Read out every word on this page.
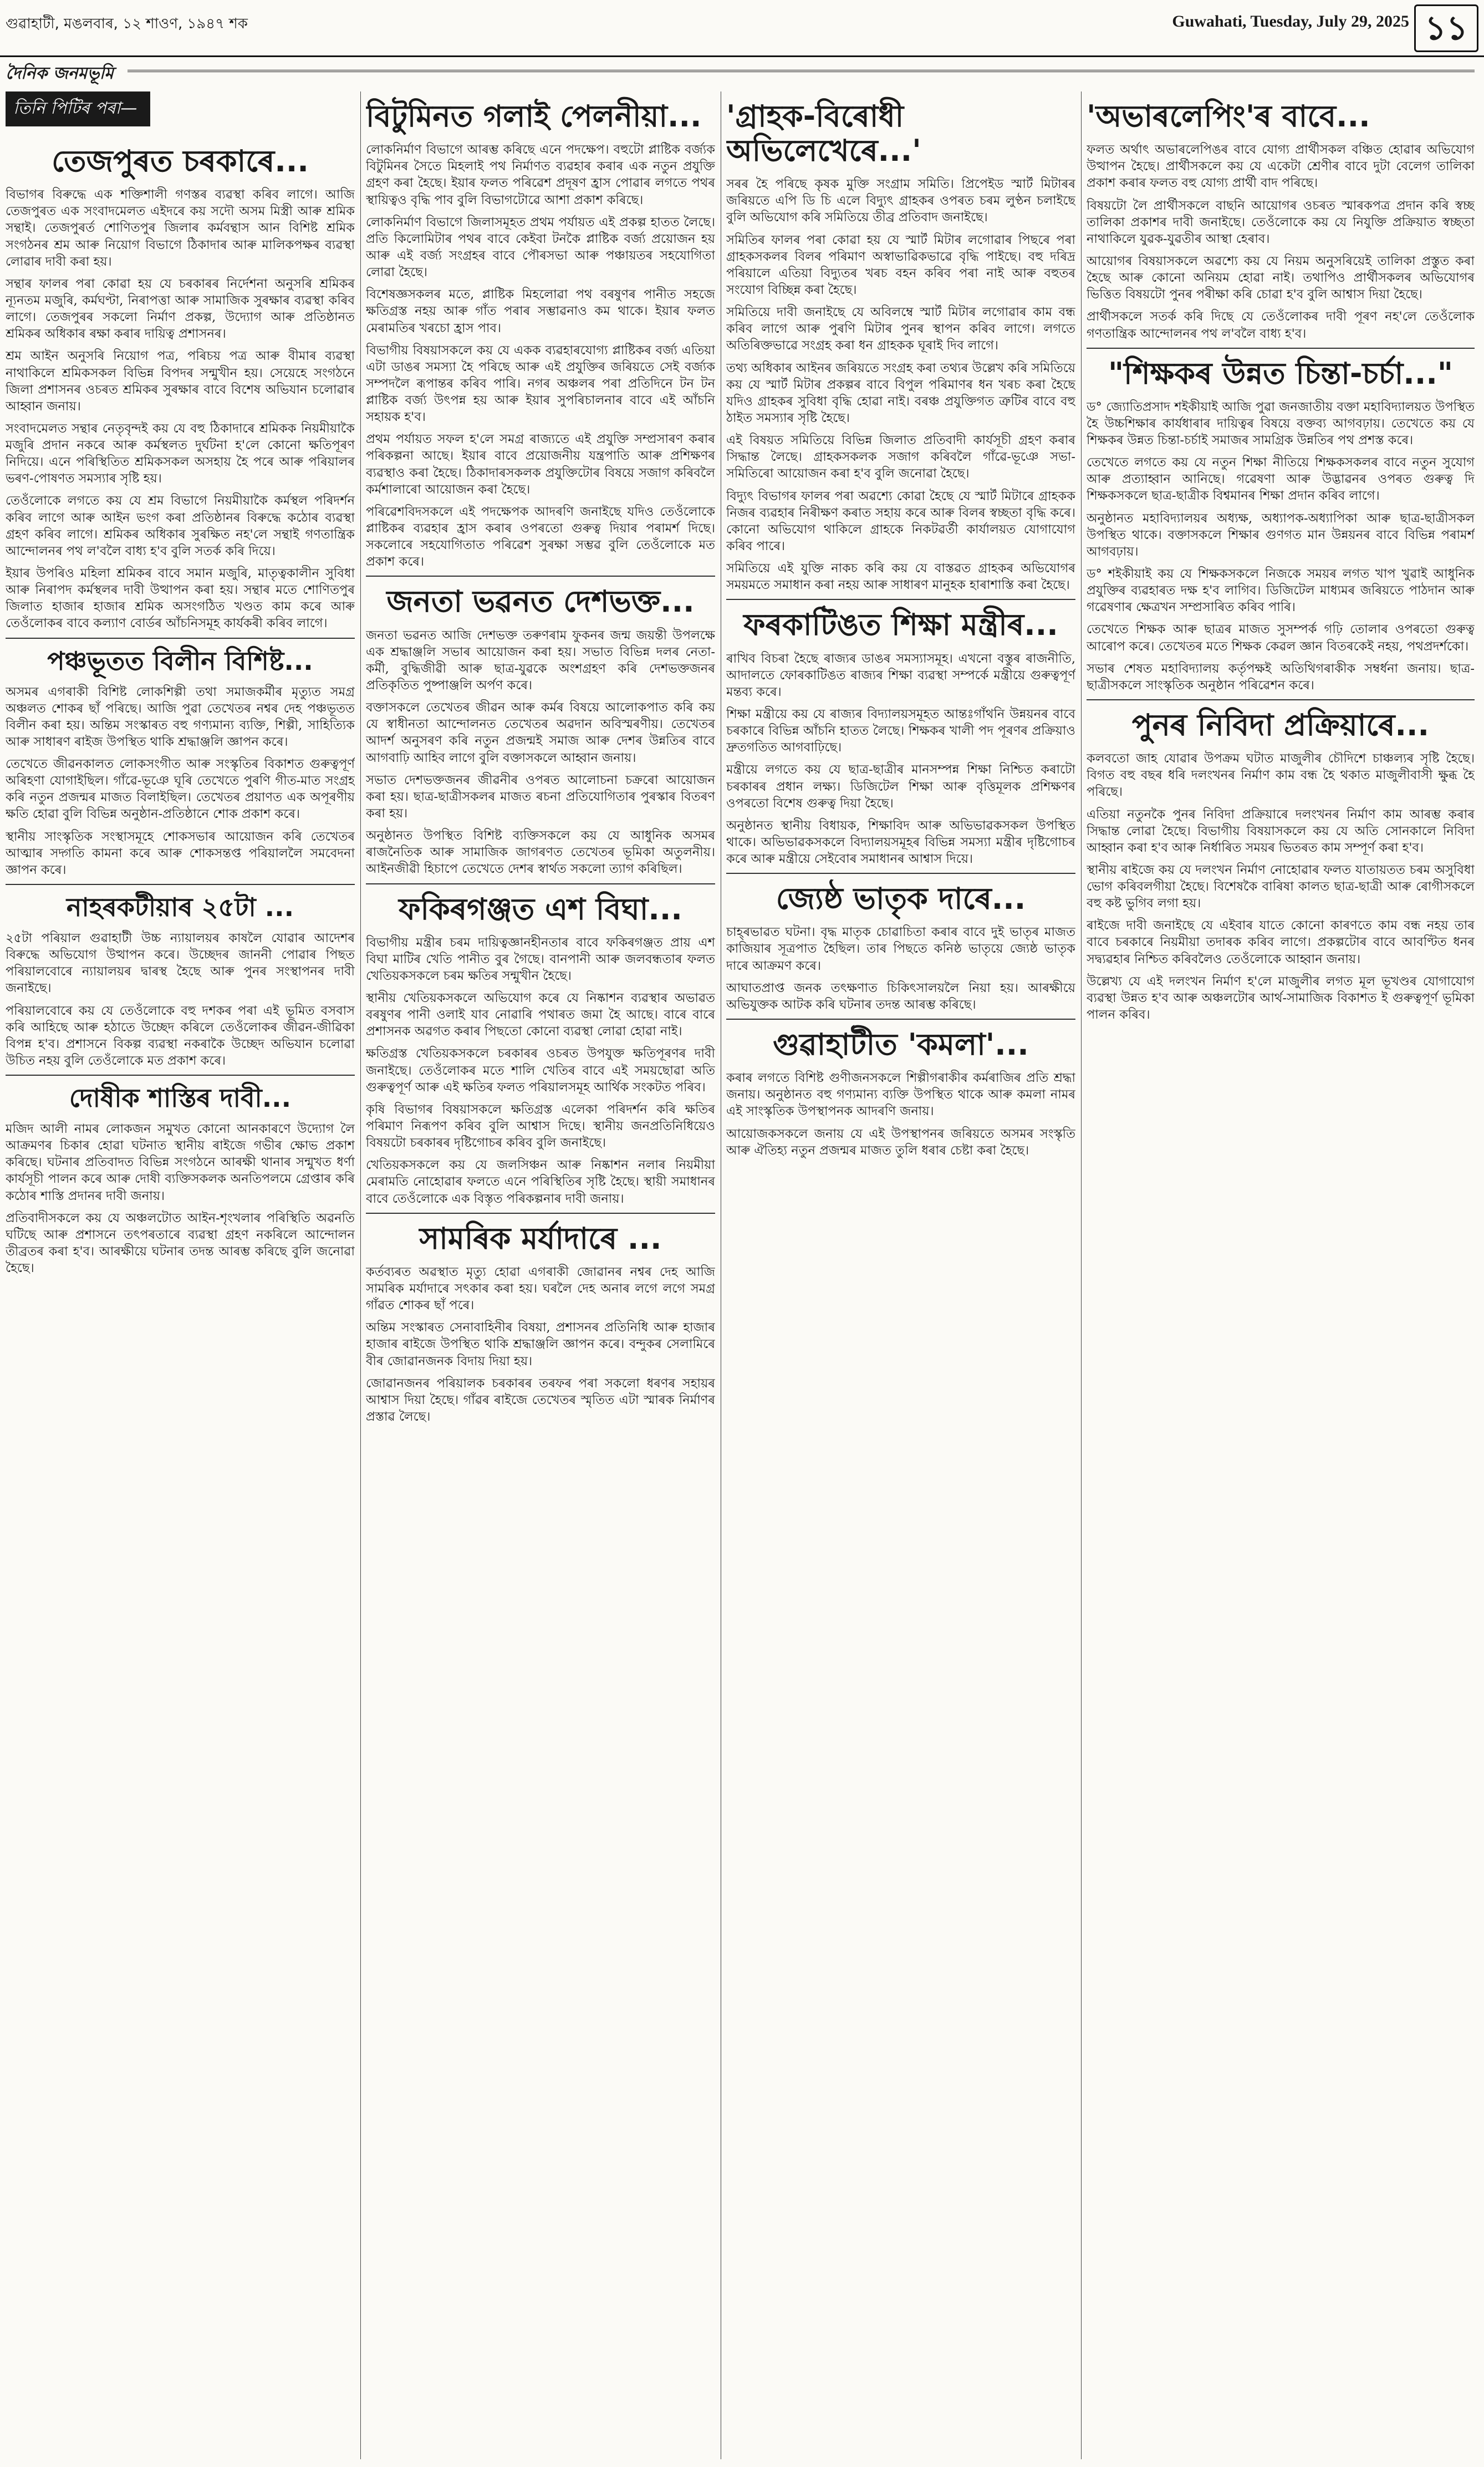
গুৱাহাটী, মঙলবাৰ, ১২ শাওণ, ১৯৪৭ শক	Guwahati, Tuesday, July 29, 2025 ১১
দৈনিক জনমভূমি
তিনি পিটিৰ পৰা—
তেজপুৰত চৰকাৰে...

বিভাগৰ বিৰুদ্ধে এক শক্তিশালী গণস্তৰ ব্যৱস্থা কৰিব লাগে। আজি তেজপুৰত এক সংবাদমেলত এইদৰে কয় সদৌ অসম মিস্ত্ৰী আৰু শ্ৰমিক সন্থাই। তেজপুৰৰ্ত শোণিতপুৰ জিলাৰ কৰ্মবন্থাস আন বিশিষ্ট শ্ৰমিক সংগঠনৰ শ্ৰম আৰু নিয়োগ বিভাগে ঠিকাদাৰ আৰু মালিকপক্ষৰ ব্যৱস্থা লোৱাৰ দাবী কৰা হয়।

সন্থাৰ ফালৰ পৰা কোৱা হয় যে চৰকাৰৰ নিৰ্দেশনা অনুসৰি শ্ৰমিকৰ ন্যূনতম মজুৰি, কৰ্মঘণ্টা, নিৰাপত্তা আৰু সামাজিক সুৰক্ষাৰ ব্যৱস্থা কৰিব লাগে। তেজপুৰৰ সকলো নিৰ্মাণ প্ৰকল্প, উদ্যোগ আৰু প্ৰতিষ্ঠানত শ্ৰমিকৰ অধিকাৰ ৰক্ষা কৰাৰ দায়িত্ব প্ৰশাসনৰ।

শ্ৰম আইন অনুসৰি নিয়োগ পত্ৰ, পৰিচয় পত্ৰ আৰু বীমাৰ ব্যৱস্থা নাথাকিলে শ্ৰমিকসকল বিভিন্ন বিপদৰ সন্মুখীন হয়। সেয়েহে সংগঠনে জিলা প্ৰশাসনৰ ওচৰত শ্ৰমিকৰ সুৰক্ষাৰ বাবে বিশেষ অভিযান চলোৱাৰ আহ্বান জনায়।

সংবাদমেলত সন্থাৰ নেতৃবৃন্দই কয় যে বহু ঠিকাদাৰে শ্ৰমিকক নিয়মীয়াকৈ মজুৰি প্ৰদান নকৰে আৰু কৰ্মস্থলত দুৰ্ঘটনা হ'লে কোনো ক্ষতিপূৰণ নিদিয়ে। এনে পৰিস্থিতিত শ্ৰমিকসকল অসহায় হৈ পৰে আৰু পৰিয়ালৰ ভৰণ-পোষণত সমস্যাৰ সৃষ্টি হয়।

তেওঁলোকে লগতে কয় যে শ্ৰম বিভাগে নিয়মীয়াকৈ কৰ্মস্থল পৰিদৰ্শন কৰিব লাগে আৰু আইন ভংগ কৰা প্ৰতিষ্ঠানৰ বিৰুদ্ধে কঠোৰ ব্যৱস্থা গ্ৰহণ কৰিব লাগে। শ্ৰমিকৰ অধিকাৰ সুৰক্ষিত নহ'লে সন্থাই গণতান্ত্ৰিক আন্দোলনৰ পথ ল'বলৈ বাধ্য হ'ব বুলি সতৰ্ক কৰি দিয়ে।

ইয়াৰ উপৰিও মহিলা শ্ৰমিকৰ বাবে সমান মজুৰি, মাতৃত্বকালীন সুবিধা আৰু নিৰাপদ কৰ্মস্থলৰ দাবী উত্থাপন কৰা হয়। সন্থাৰ মতে শোণিতপুৰ জিলাত হাজাৰ হাজাৰ শ্ৰমিক অসংগঠিত খণ্ডত কাম কৰে আৰু তেওঁলোকৰ বাবে কল্যাণ বোৰ্ডৰ আঁচনিসমূহ কাৰ্যকৰী কৰিব লাগে।

পঞ্চভূতত বিলীন বিশিষ্ট...

অসমৰ এগৰাকী বিশিষ্ট লোকশিল্পী তথা সমাজকৰ্মীৰ মৃত্যুত সমগ্ৰ অঞ্চলত শোকৰ ছাঁ পৰিছে। আজি পুৱা তেখেতৰ নশ্বৰ দেহ পঞ্চভূতত বিলীন কৰা হয়। অন্তিম সংস্কাৰত বহু গণ্যমান্য ব্যক্তি, শিল্পী, সাহিত্যিক আৰু সাধাৰণ ৰাইজ উপস্থিত থাকি শ্ৰদ্ধাঞ্জলি জ্ঞাপন কৰে।

তেখেতে জীৱনকালত লোকসংগীত আৰু সংস্কৃতিৰ বিকাশত গুৰুত্বপূৰ্ণ অৰিহণা যোগাইছিল। গাঁৱে-ভূঞে ঘূৰি তেখেতে পুৰণি গীত-মাত সংগ্ৰহ কৰি নতুন প্ৰজন্মৰ মাজত বিলাইছিল। তেখেতৰ প্ৰয়াণত এক অপূৰণীয় ক্ষতি হোৱা বুলি বিভিন্ন অনুষ্ঠান-প্ৰতিষ্ঠানে শোক প্ৰকাশ কৰে।

স্থানীয় সাংস্কৃতিক সংস্থাসমূহে শোকসভাৰ আয়োজন কৰি তেখেতৰ আত্মাৰ সদ্গতি কামনা কৰে আৰু শোকসন্তপ্ত পৰিয়াললৈ সমবেদনা জ্ঞাপন কৰে।

নাহৰকটীয়াৰ ২৫টা ...

২৫টা পৰিয়াল গুৱাহাটী উচ্চ ন্যায়ালয়ৰ কাষলৈ যোৱাৰ আদেশৰ বিৰুদ্ধে অভিযোগ উত্থাপন কৰে। উচ্ছেদৰ জাননী পোৱাৰ পিছত পৰিয়ালবোৰে ন্যায়ালয়ৰ দ্বাৰস্থ হৈছে আৰু পুনৰ সংস্থাপনৰ দাবী জনাইছে।

পৰিয়ালবোৰে কয় যে তেওঁলোকে বহু দশকৰ পৰা এই ভূমিত বসবাস কৰি আহিছে আৰু হঠাতে উচ্ছেদ কৰিলে তেওঁলোকৰ জীৱন-জীৱিকা বিপন্ন হ'ব। প্ৰশাসনে বিকল্প ব্যৱস্থা নকৰাকৈ উচ্ছেদ অভিযান চলোৱা উচিত নহয় বুলি তেওঁলোকে মত প্ৰকাশ কৰে।

দোষীক শাস্তিৰ দাবী...

মজিদ আলী নামৰ লোকজন সমুখত কোনো আনকাৰণে উদ্যোগ লৈ আক্ৰমণৰ চিকাৰ হোৱা ঘটনাত স্থানীয় ৰাইজে গভীৰ ক্ষোভ প্ৰকাশ কৰিছে। ঘটনাৰ প্ৰতিবাদত বিভিন্ন সংগঠনে আৰক্ষী থানাৰ সন্মুখত ধৰ্ণা কাৰ্যসূচী পালন কৰে আৰু দোষী ব্যক্তিসকলক অনতিপলমে গ্ৰেপ্তাৰ কৰি কঠোৰ শাস্তি প্ৰদানৰ দাবী জনায়।

প্ৰতিবাদীসকলে কয় যে অঞ্চলটোত আইন-শৃংখলাৰ পৰিস্থিতি অৱনতি ঘটিছে আৰু প্ৰশাসনে তৎপৰতাৰে ব্যৱস্থা গ্ৰহণ নকৰিলে আন্দোলন তীব্ৰতৰ কৰা হ'ব। আৰক্ষীয়ে ঘটনাৰ তদন্ত আৰম্ভ কৰিছে বুলি জনোৱা হৈছে।

বিটুমিনত গলাই পেলনীয়া...

লোকনিৰ্মাণ বিভাগে আৰম্ভ কৰিছে এনে পদক্ষেপ। বহুটো প্লাষ্টিক বৰ্জ্যক বিটুমিনৰ সৈতে মিহলাই পথ নিৰ্মাণত ব্যৱহাৰ কৰাৰ এক নতুন প্ৰযুক্তি গ্ৰহণ কৰা হৈছে। ইয়াৰ ফলত পৰিৱেশ প্ৰদূষণ হ্ৰাস পোৱাৰ লগতে পথৰ স্থায়িত্বও বৃদ্ধি পাব বুলি বিভাগটোৱে আশা প্ৰকাশ কৰিছে।

লোকনিৰ্মাণ বিভাগে জিলাসমূহত প্ৰথম পৰ্যায়ত এই প্ৰকল্প হাতত লৈছে। প্ৰতি কিলোমিটাৰ পথৰ বাবে কেইবা টনকৈ প্লাষ্টিক বৰ্জ্য প্ৰয়োজন হয় আৰু এই বৰ্জ্য সংগ্ৰহৰ বাবে পৌৰসভা আৰু পঞ্চায়তৰ সহযোগিতা লোৱা হৈছে।

বিশেষজ্ঞসকলৰ মতে, প্লাষ্টিক মিহলোৱা পথ বৰষুণৰ পানীত সহজে ক্ষতিগ্ৰস্ত নহয় আৰু গাঁত পৰাৰ সম্ভাৱনাও কম থাকে। ইয়াৰ ফলত মেৰামতিৰ খৰচো হ্ৰাস পাব।

বিভাগীয় বিষয়াসকলে কয় যে একক ব্যৱহাৰযোগ্য প্লাষ্টিকৰ বৰ্জ্য এতিয়া এটা ডাঙৰ সমস্যা হৈ পৰিছে আৰু এই প্ৰযুক্তিৰ জৰিয়তে সেই বৰ্জ্যক সম্পদলৈ ৰূপান্তৰ কৰিব পাৰি। নগৰ অঞ্চলৰ পৰা প্ৰতিদিনে টন টন প্লাষ্টিক বৰ্জ্য উৎপন্ন হয় আৰু ইয়াৰ সুপৰিচালনাৰ বাবে এই আঁচনি সহায়ক হ'ব।

প্ৰথম পৰ্যায়ত সফল হ'লে সমগ্ৰ ৰাজ্যতে এই প্ৰযুক্তি সম্প্ৰসাৰণ কৰাৰ পৰিকল্পনা আছে। ইয়াৰ বাবে প্ৰয়োজনীয় যন্ত্ৰপাতি আৰু প্ৰশিক্ষণৰ ব্যৱস্থাও কৰা হৈছে। ঠিকাদাৰসকলক প্ৰযুক্তিটোৰ বিষয়ে সজাগ কৰিবলৈ কৰ্মশালাৰো আয়োজন কৰা হৈছে।

পৰিৱেশবিদসকলে এই পদক্ষেপক আদৰণি জনাইছে যদিও তেওঁলোকে প্লাষ্টিকৰ ব্যৱহাৰ হ্ৰাস কৰাৰ ওপৰতো গুৰুত্ব দিয়াৰ পৰামৰ্শ দিছে। সকলোৰে সহযোগিতাত পৰিৱেশ সুৰক্ষা সম্ভৱ বুলি তেওঁলোকে মত প্ৰকাশ কৰে।

জনতা ভৱনত দেশভক্ত...

জনতা ভৱনত আজি দেশভক্ত তৰুণৰাম ফুকনৰ জন্ম জয়ন্তী উপলক্ষে এক শ্ৰদ্ধাঞ্জলি সভাৰ আয়োজন কৰা হয়। সভাত বিভিন্ন দলৰ নেতা-কৰ্মী, বুদ্ধিজীৱী আৰু ছাত্ৰ-যুৱকে অংশগ্ৰহণ কৰি দেশভক্তজনৰ প্ৰতিকৃতিত পুষ্পাঞ্জলি অৰ্পণ কৰে।

বক্তাসকলে তেখেতৰ জীৱন আৰু কৰ্মৰ বিষয়ে আলোকপাত কৰি কয় যে স্বাধীনতা আন্দোলনত তেখেতৰ অৱদান অবিস্মৰণীয়। তেখেতৰ আদৰ্শ অনুসৰণ কৰি নতুন প্ৰজন্মই সমাজ আৰু দেশৰ উন্নতিৰ বাবে আগবাঢ়ি আহিব লাগে বুলি বক্তাসকলে আহ্বান জনায়।

সভাত দেশভক্তজনৰ জীৱনীৰ ওপৰত আলোচনা চক্ৰৰো আয়োজন কৰা হয়। ছাত্ৰ-ছাত্ৰীসকলৰ মাজত ৰচনা প্ৰতিযোগিতাৰ পুৰস্কাৰ বিতৰণ কৰা হয়।

অনুষ্ঠানত উপস্থিত বিশিষ্ট ব্যক্তিসকলে কয় যে আধুনিক অসমৰ ৰাজনৈতিক আৰু সামাজিক জাগৰণত তেখেতৰ ভূমিকা অতুলনীয়। আইনজীৱী হিচাপে তেখেতে দেশৰ স্বাৰ্থত সকলো ত্যাগ কৰিছিল।

ফকিৰগঞ্জত এশ বিঘা...

বিভাগীয় মন্ত্ৰীৰ চৰম দায়িত্বজ্ঞানহীনতাৰ বাবে ফকিৰগঞ্জত প্ৰায় এশ বিঘা মাটিৰ খেতি পানীত বুৰ গৈছে। বানপানী আৰু জলবন্ধতাৰ ফলত খেতিয়কসকলে চৰম ক্ষতিৰ সন্মুখীন হৈছে।

স্থানীয় খেতিয়কসকলে অভিযোগ কৰে যে নিষ্কাশন ব্যৱস্থাৰ অভাৱত বৰষুণৰ পানী ওলাই যাব নোৱাৰি পথাৰত জমা হৈ আছে। বাৰে বাৰে প্ৰশাসনক অৱগত কৰাৰ পিছতো কোনো ব্যৱস্থা লোৱা হোৱা নাই।

ক্ষতিগ্ৰস্ত খেতিয়কসকলে চৰকাৰৰ ওচৰত উপযুক্ত ক্ষতিপূৰণৰ দাবী জনাইছে। তেওঁলোকৰ মতে শালি খেতিৰ বাবে এই সময়ছোৱা অতি গুৰুত্বপূৰ্ণ আৰু এই ক্ষতিৰ ফলত পৰিয়ালসমূহ আৰ্থিক সংকটত পৰিব।

কৃষি বিভাগৰ বিষয়াসকলে ক্ষতিগ্ৰস্ত এলেকা পৰিদৰ্শন কৰি ক্ষতিৰ পৰিমাণ নিৰূপণ কৰিব বুলি আশ্বাস দিছে। স্থানীয় জনপ্ৰতিনিধিয়েও বিষয়টো চৰকাৰৰ দৃষ্টিগোচৰ কৰিব বুলি জনাইছে।

খেতিয়কসকলে কয় যে জলসিঞ্চন আৰু নিষ্কাশন নলাৰ নিয়মীয়া মেৰামতি নোহোৱাৰ ফলতে এনে পৰিস্থিতিৰ সৃষ্টি হৈছে। স্থায়ী সমাধানৰ বাবে তেওঁলোকে এক বিস্তৃত পৰিকল্পনাৰ দাবী জনায়।

সামৰিক মৰ্যাদাৰে ...

কৰ্তব্যৰত অৱস্থাত মৃত্যু হোৱা এগৰাকী জোৱানৰ নশ্বৰ দেহ আজি সামৰিক মৰ্যাদাৰে সৎকাৰ কৰা হয়। ঘৰলৈ দেহ অনাৰ লগে লগে সমগ্ৰ গাঁৱত শোকৰ ছাঁ পৰে।

অন্তিম সংস্কাৰত সেনাবাহিনীৰ বিষয়া, প্ৰশাসনৰ প্ৰতিনিধি আৰু হাজাৰ হাজাৰ ৰাইজে উপস্থিত থাকি শ্ৰদ্ধাঞ্জলি জ্ঞাপন কৰে। বন্দুকৰ সেলামিৰে বীৰ জোৱানজনক বিদায় দিয়া হয়।

জোৱানজনৰ পৰিয়ালক চৰকাৰৰ তৰফৰ পৰা সকলো ধৰণৰ সহায়ৰ আশ্বাস দিয়া হৈছে। গাঁৱৰ ৰাইজে তেখেতৰ স্মৃতিত এটা স্মাৰক নিৰ্মাণৰ প্ৰস্তাৱ লৈছে।

'গ্ৰাহক-বিৰোধী অভিলেখেৰে...'

সৰৰ হৈ পৰিছে কৃষক মুক্তি সংগ্ৰাম সমিতি। প্ৰিপেইড স্মাৰ্ট মিটাৰৰ জৰিয়তে এপি ডি চি এলে বিদ্যুৎ গ্ৰাহকৰ ওপৰত চৰম লুণ্ঠন চলাইছে বুলি অভিযোগ কৰি সমিতিয়ে তীব্ৰ প্ৰতিবাদ জনাইছে।

সমিতিৰ ফালৰ পৰা কোৱা হয় যে স্মাৰ্ট মিটাৰ লগোৱাৰ পিছৰে পৰা গ্ৰাহকসকলৰ বিলৰ পৰিমাণ অস্বাভাৱিকভাৱে বৃদ্ধি পাইছে। বহু দৰিদ্ৰ পৰিয়ালে এতিয়া বিদ্যুতৰ খৰচ বহন কৰিব পৰা নাই আৰু বহুতৰ সংযোগ বিচ্ছিন্ন কৰা হৈছে।

সমিতিয়ে দাবী জনাইছে যে অবিলম্বে স্মাৰ্ট মিটাৰ লগোৱাৰ কাম বন্ধ কৰিব লাগে আৰু পুৰণি মিটাৰ পুনৰ স্থাপন কৰিব লাগে। লগতে অতিৰিক্তভাৱে সংগ্ৰহ কৰা ধন গ্ৰাহকক ঘূৰাই দিব লাগে।

তথ্য অধিকাৰ আইনৰ জৰিয়তে সংগ্ৰহ কৰা তথ্যৰ উল্লেখ কৰি সমিতিয়ে কয় যে স্মাৰ্ট মিটাৰ প্ৰকল্পৰ বাবে বিপুল পৰিমাণৰ ধন খৰচ কৰা হৈছে যদিও গ্ৰাহকৰ সুবিধা বৃদ্ধি হোৱা নাই। বৰঞ্চ প্ৰযুক্তিগত ত্ৰুটিৰ বাবে বহু ঠাইত সমস্যাৰ সৃষ্টি হৈছে।

এই বিষয়ত সমিতিয়ে বিভিন্ন জিলাত প্ৰতিবাদী কাৰ্যসূচী গ্ৰহণ কৰাৰ সিদ্ধান্ত লৈছে। গ্ৰাহকসকলক সজাগ কৰিবলৈ গাঁৱে-ভূঞে সভা-সমিতিৰো আয়োজন কৰা হ'ব বুলি জনোৱা হৈছে।

বিদ্যুৎ বিভাগৰ ফালৰ পৰা অৱশ্যে কোৱা হৈছে যে স্মাৰ্ট মিটাৰে গ্ৰাহকক নিজৰ ব্যৱহাৰ নিৰীক্ষণ কৰাত সহায় কৰে আৰু বিলৰ স্বচ্ছতা বৃদ্ধি কৰে। কোনো অভিযোগ থাকিলে গ্ৰাহকে নিকটৱৰ্তী কাৰ্যালয়ত যোগাযোগ কৰিব পাৰে।

সমিতিয়ে এই যুক্তি নাকচ কৰি কয় যে বাস্তৱত গ্ৰাহকৰ অভিযোগৰ সময়মতে সমাধান কৰা নহয় আৰু সাধাৰণ মানুহক হাৰাশাস্তি কৰা হৈছে।

ফৰকাটিঙত শিক্ষা মন্ত্ৰীৰ...

ৰাখিব বিচৰা হৈছে ৰাজ্যৰ ডাঙৰ সমস্যাসমূহ। এখনো বস্তুৰ ৰাজনীতি, আদালতে ফোৰকাটিঙত ৰাজ্যৰ শিক্ষা ব্যৱস্থা সম্পৰ্কে মন্ত্ৰীয়ে গুৰুত্বপূৰ্ণ মন্তব্য কৰে।

শিক্ষা মন্ত্ৰীয়ে কয় যে ৰাজ্যৰ বিদ্যালয়সমূহত আন্তঃগাঁথনি উন্নয়নৰ বাবে চৰকাৰে বিভিন্ন আঁচনি হাতত লৈছে। শিক্ষকৰ খালী পদ পূৰণৰ প্ৰক্ৰিয়াও দ্ৰুতগতিত আগবাঢ়িছে।

মন্ত্ৰীয়ে লগতে কয় যে ছাত্ৰ-ছাত্ৰীৰ মানসম্পন্ন শিক্ষা নিশ্চিত কৰাটো চৰকাৰৰ প্ৰধান লক্ষ্য। ডিজিটেল শিক্ষা আৰু বৃত্তিমূলক প্ৰশিক্ষণৰ ওপৰতো বিশেষ গুৰুত্ব দিয়া হৈছে।

অনুষ্ঠানত স্থানীয় বিধায়ক, শিক্ষাবিদ আৰু অভিভাৱকসকল উপস্থিত থাকে। অভিভাৱকসকলে বিদ্যালয়সমূহৰ বিভিন্ন সমস্যা মন্ত্ৰীৰ দৃষ্টিগোচৰ কৰে আৰু মন্ত্ৰীয়ে সেইবোৰ সমাধানৰ আশ্বাস দিয়ে।

জ্যেষ্ঠ ভাতৃক দাৰে...

চাহ্‌ৰভাৱত ঘটনা। বৃদ্ধ মাতৃক চোৱাচিতা কৰাৰ বাবে দুই ভাতৃৰ মাজত কাজিয়াৰ সূত্ৰপাত হৈছিল। তাৰ পিছতে কনিষ্ঠ ভাতৃয়ে জ্যেষ্ঠ ভাতৃক দাৰে আক্ৰমণ কৰে।

আঘাতপ্ৰাপ্ত জনক তৎক্ষণাত চিকিৎসালয়লৈ নিয়া হয়। আৰক্ষীয়ে অভিযুক্তক আটক কৰি ঘটনাৰ তদন্ত আৰম্ভ কৰিছে।

গুৱাহাটীত 'কমলা'...

কৰাৰ লগতে বিশিষ্ট গুণীজনসকলে শিল্পীগৰাকীৰ কৰ্মৰাজিৰ প্ৰতি শ্ৰদ্ধা জনায়। অনুষ্ঠানত বহু গণ্যমান্য ব্যক্তি উপস্থিত থাকে আৰু কমলা নামৰ এই সাংস্কৃতিক উপস্থাপনক আদৰণি জনায়।

আয়োজকসকলে জনায় যে এই উপস্থাপনৰ জৰিয়তে অসমৰ সংস্কৃতি আৰু ঐতিহ্য নতুন প্ৰজন্মৰ মাজত তুলি ধৰাৰ চেষ্টা কৰা হৈছে।

'অভাৰলেপিং'ৰ বাবে...

ফলত অৰ্থাৎ অভাৰলেপিঙৰ বাবে যোগ্য প্ৰাৰ্থীসকল বঞ্চিত হোৱাৰ অভিযোগ উত্থাপন হৈছে। প্ৰাৰ্থীসকলে কয় যে একেটা শ্ৰেণীৰ বাবে দুটা বেলেগ তালিকা প্ৰকাশ কৰাৰ ফলত বহু যোগ্য প্ৰাৰ্থী বাদ পৰিছে।

বিষয়টো লৈ প্ৰাৰ্থীসকলে বাছনি আয়োগৰ ওচৰত স্মাৰকপত্ৰ প্ৰদান কৰি স্বচ্ছ তালিকা প্ৰকাশৰ দাবী জনাইছে। তেওঁলোকে কয় যে নিযুক্তি প্ৰক্ৰিয়াত স্বচ্ছতা নাথাকিলে যুৱক-যুৱতীৰ আস্থা হেৰাব।

আয়োগৰ বিষয়াসকলে অৱশ্যে কয় যে নিয়ম অনুসৰিয়েই তালিকা প্ৰস্তুত কৰা হৈছে আৰু কোনো অনিয়ম হোৱা নাই। তথাপিও প্ৰাৰ্থীসকলৰ অভিযোগৰ ভিত্তিত বিষয়টো পুনৰ পৰীক্ষা কৰি চোৱা হ'ব বুলি আশ্বাস দিয়া হৈছে।

প্ৰাৰ্থীসকলে সতৰ্ক কৰি দিছে যে তেওঁলোকৰ দাবী পূৰণ নহ'লে তেওঁলোক গণতান্ত্ৰিক আন্দোলনৰ পথ ল'বলৈ বাধ্য হ'ব।

"শিক্ষকৰ উন্নত চিন্তা-চৰ্চা..."

ড° জ্যোতিপ্ৰসাদ শইকীয়াই আজি পুৱা জনজাতীয় বক্তা মহাবিদ্যালয়ত উপস্থিত হৈ উচ্চশিক্ষাৰ কাৰ্যধাৰাৰ দায়িত্বৰ বিষয়ে বক্তব্য আগবঢ়ায়। তেখেতে কয় যে শিক্ষকৰ উন্নত চিন্তা-চৰ্চাই সমাজৰ সামগ্ৰিক উন্নতিৰ পথ প্ৰশস্ত কৰে।

তেখেতে লগতে কয় যে নতুন শিক্ষা নীতিয়ে শিক্ষকসকলৰ বাবে নতুন সুযোগ আৰু প্ৰত্যাহ্বান আনিছে। গৱেষণা আৰু উদ্ভাৱনৰ ওপৰত গুৰুত্ব দি শিক্ষকসকলে ছাত্ৰ-ছাত্ৰীক বিশ্বমানৰ শিক্ষা প্ৰদান কৰিব লাগে।

অনুষ্ঠানত মহাবিদ্যালয়ৰ অধ্যক্ষ, অধ্যাপক-অধ্যাপিকা আৰু ছাত্ৰ-ছাত্ৰীসকল উপস্থিত থাকে। বক্তাসকলে শিক্ষাৰ গুণগত মান উন্নয়নৰ বাবে বিভিন্ন পৰামৰ্শ আগবঢ়ায়।

ড° শইকীয়াই কয় যে শিক্ষকসকলে নিজকে সময়ৰ লগত খাপ খুৱাই আধুনিক প্ৰযুক্তিৰ ব্যৱহাৰত দক্ষ হ'ব লাগিব। ডিজিটেল মাধ্যমৰ জৰিয়তে পাঠদান আৰু গৱেষণাৰ ক্ষেত্ৰখন সম্প্ৰসাৰিত কৰিব পাৰি।

তেখেতে শিক্ষক আৰু ছাত্ৰৰ মাজত সুসম্পৰ্ক গঢ়ি তোলাৰ ওপৰতো গুৰুত্ব আৰোপ কৰে। তেখেতৰ মতে শিক্ষক কেৱল জ্ঞান বিতৰকেই নহয়, পথপ্ৰদৰ্শকো।

সভাৰ শেষত মহাবিদ্যালয় কৰ্তৃপক্ষই অতিথিগৰাকীক সম্বৰ্ধনা জনায়। ছাত্ৰ-ছাত্ৰীসকলে সাংস্কৃতিক অনুষ্ঠান পৰিৱেশন কৰে।

পুনৰ নিবিদা প্ৰক্ৰিয়াৰে...

কলবতো জাহ যোৱাৰ উপক্ৰম ঘটাত মাজুলীৰ চৌদিশে চাঞ্চল্যৰ সৃষ্টি হৈছে। বিগত বহু বছৰ ধৰি দলংখনৰ নিৰ্মাণ কাম বন্ধ হৈ থকাত মাজুলীবাসী ক্ষুব্ধ হৈ পৰিছে।

এতিয়া নতুনকৈ পুনৰ নিবিদা প্ৰক্ৰিয়াৰে দলংখনৰ নিৰ্মাণ কাম আৰম্ভ কৰাৰ সিদ্ধান্ত লোৱা হৈছে। বিভাগীয় বিষয়াসকলে কয় যে অতি সোনকালে নিবিদা আহ্বান কৰা হ'ব আৰু নিৰ্ধাৰিত সময়ৰ ভিতৰত কাম সম্পূৰ্ণ কৰা হ'ব।

স্থানীয় ৰাইজে কয় যে দলংখন নিৰ্মাণ নোহোৱাৰ ফলত যাতায়তত চৰম অসুবিধা ভোগ কৰিবলগীয়া হৈছে। বিশেষকৈ বাৰিষা কালত ছাত্ৰ-ছাত্ৰী আৰু ৰোগীসকলে বহু কষ্ট ভুগিব লগা হয়।

ৰাইজে দাবী জনাইছে যে এইবাৰ যাতে কোনো কাৰণতে কাম বন্ধ নহয় তাৰ বাবে চৰকাৰে নিয়মীয়া তদাৰক কৰিব লাগে। প্ৰকল্পটোৰ বাবে আবণ্টিত ধনৰ সদ্ব্যৱহাৰ নিশ্চিত কৰিবলৈও তেওঁলোকে আহ্বান জনায়।

উল্লেখ্য যে এই দলংখন নিৰ্মাণ হ'লে মাজুলীৰ লগত মূল ভূখণ্ডৰ যোগাযোগ ব্যৱস্থা উন্নত হ'ব আৰু অঞ্চলটোৰ আৰ্থ-সামাজিক বিকাশত ই গুৰুত্বপূৰ্ণ ভূমিকা পালন কৰিব।
